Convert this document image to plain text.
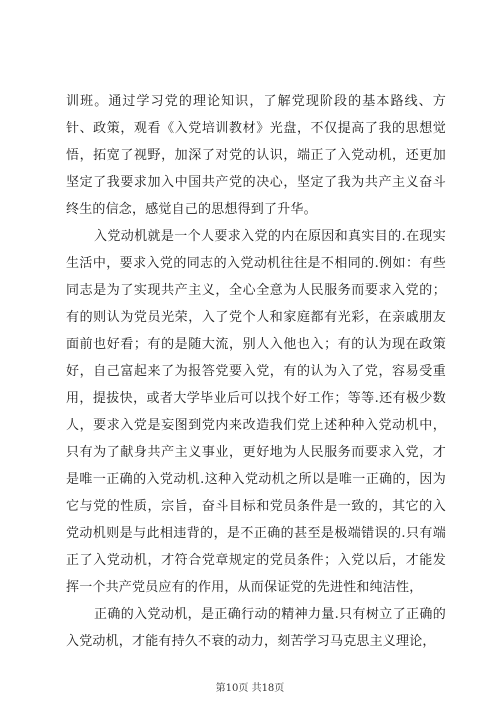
训班。通过学习党的理论知识，了解党现阶段的基本路线、方针、政策，观看《入党培训教材》光盘，不仅提高了我的思想觉悟，拓宽了视野，加深了对党的认识，端正了入党动机，还更加坚定了我要求加入中国共产党的决心，坚定了我为共产主义奋斗终生的信念，感觉自己的思想得到了升华。

入党动机就是一个人要求入党的内在原因和真实目的.在现实生活中，要求入党的同志的入党动机往往是不相同的.例如：有些同志是为了实现共产主义，全心全意为人民服务而要求入党的；有的则认为党员光荣，入了党个人和家庭都有光彩，在亲戚朋友面前也好看；有的是随大流，别人入他也入；有的认为现在政策好，自己富起来了为报答党要入党，有的认为入了党，容易受重用，提拔快，或者大学毕业后可以找个好工作；等等.还有极少数人，要求入党是妄图到党内来改造我们党上述种种入党动机中，只有为了献身共产主义事业，更好地为人民服务而要求入党，才是唯一正确的入党动机.这种入党动机之所以是唯一正确的，因为它与党的性质，宗旨，奋斗目标和党员条件是一致的，其它的入党动机则是与此相违背的，是不正确的甚至是极端错误的.只有端正了入党动机，才符合党章规定的党员条件；入党以后，才能发挥一个共产党员应有的作用，从而保证党的先进性和纯洁性，

正确的入党动机，是正确行动的精神力量.只有树立了正确的入党动机，才能有持久不衰的动力，刻苦学习马克思主义理论，

第10页 共18页
